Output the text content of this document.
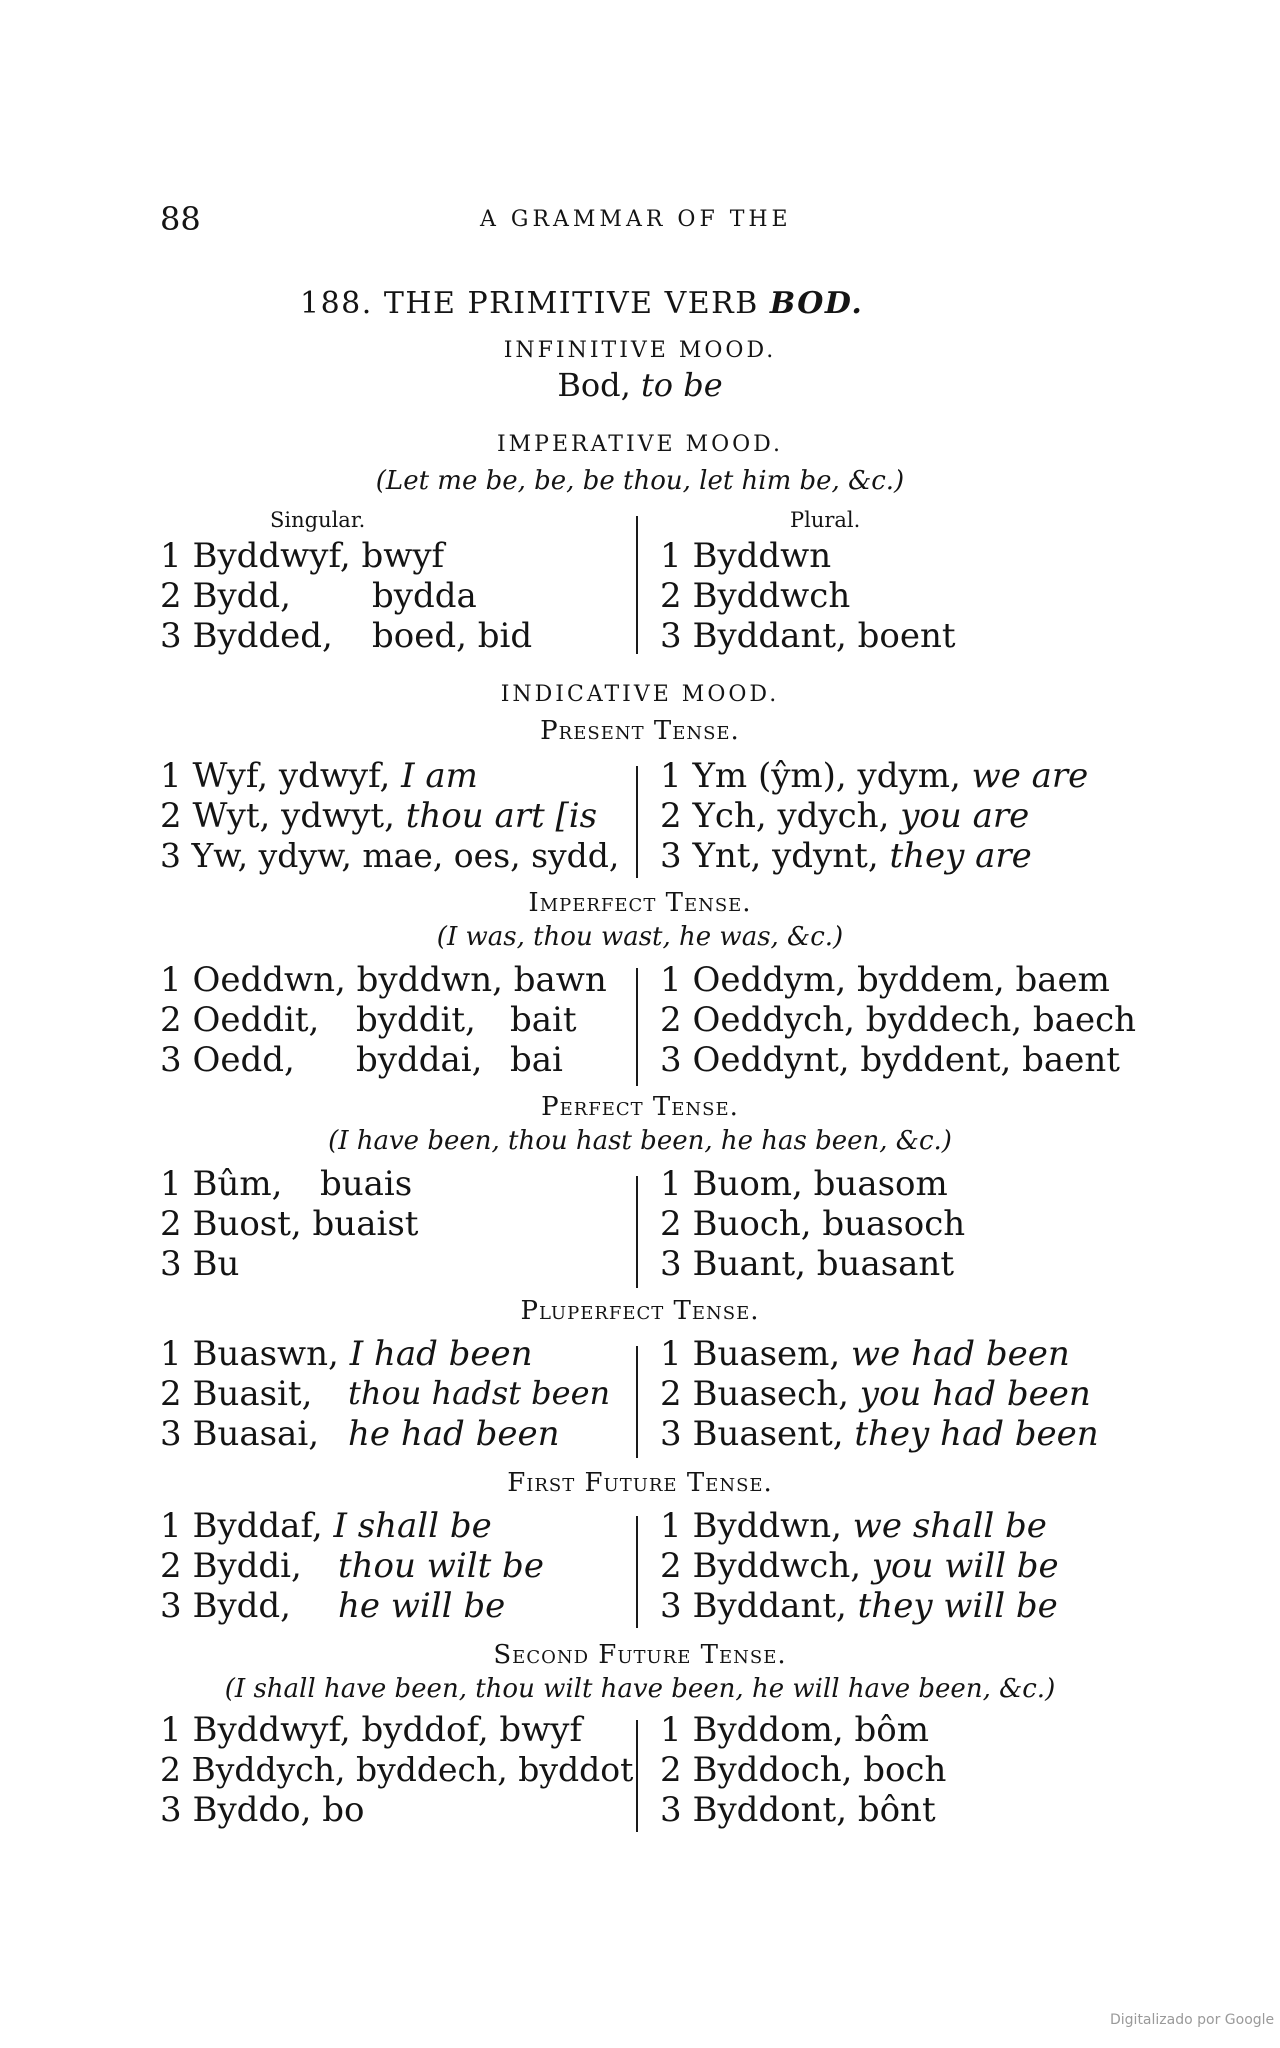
88	A GRAMMAR OF THE
188. THE PRIMITIVE VERB BOD.
INFINITIVE MOOD.
Bod, to be
IMPERATIVE MOOD.
(Let me be, be, be thou, let him be, &c.)
Singular.	Plural.
1 Byddwyf, bwyf
2 Bydd, bydda
3 Bydded, boed, bid
1 Byddwn
2 Byddwch
3 Byddant, boent
INDICATIVE MOOD.
Present Tense.
1 Wyf, ydwyf, I am
2 Wyt, ydwyt, thou art [is
3 Yw, ydyw, mae, oes, sydd,
1 Ym (ŷm), ydym, we are
2 Ych, ydych, you are
3 Ynt, ydynt, they are
Imperfect Tense.
(I was, thou wast, he was, &c.)
1 Oeddwn, byddwn, bawn
2 Oeddit, byddit, bait
3 Oedd, byddai, bai
1 Oeddym, byddem, baem
2 Oeddych, byddech, baech
3 Oeddynt, byddent, baent
Perfect Tense.
(I have been, thou hast been, he has been, &c.)
1 Bûm, buais
2 Buost, buaist
3 Bu
1 Buom, buasom
2 Buoch, buasoch
3 Buant, buasant
Pluperfect Tense.
1 Buaswn, I had been
2 Buasit, thou hadst been
3 Buasai, he had been
1 Buasem, we had been
2 Buasech, you had been
3 Buasent, they had been
First Future Tense.
1 Byddaf, I shall be
2 Byddi, thou wilt be
3 Bydd, he will be
1 Byddwn, we shall be
2 Byddwch, you will be
3 Byddant, they will be
Second Future Tense.
(I shall have been, thou wilt have been, he will have been, &c.)
1 Byddwyf, byddof, bwyf
2 Byddych, byddech, byddot
3 Byddo, bo
1 Byddom, bôm
2 Byddoch, boch
3 Byddont, bônt
Digitalizado por Google
